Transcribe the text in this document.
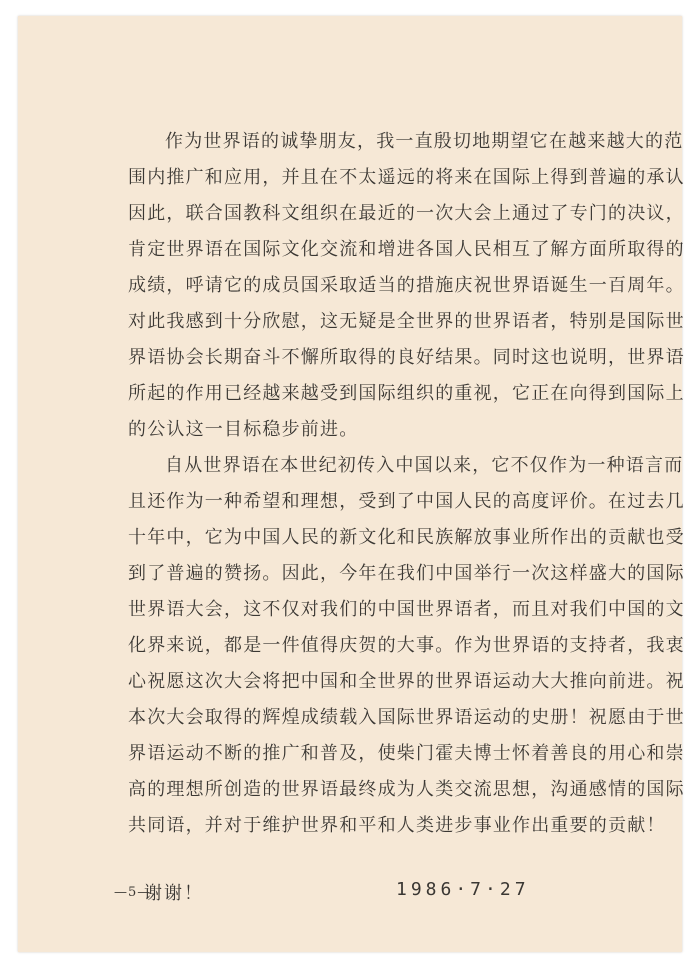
作为世界语的诚挚朋友，我一直殷切地期望它在越来越大的范
围内推广和应用，并且在不太遥远的将来在国际上得到普遍的承认
因此，联合国教科文组织在最近的一次大会上通过了专门的决议，
肯定世界语在国际文化交流和增进各国人民相互了解方面所取得的
成绩，呼请它的成员国采取适当的措施庆祝世界语诞生一百周年。
对此我感到十分欣慰，这无疑是全世界的世界语者，特别是国际世
界语协会长期奋斗不懈所取得的良好结果。同时这也说明，世界语
所起的作用已经越来越受到国际组织的重视，它正在向得到国际上
的公认这一目标稳步前进。
自从世界语在本世纪初传入中国以来，它不仅作为一种语言而
且还作为一种希望和理想，受到了中国人民的高度评价。在过去几
十年中，它为中国人民的新文化和民族解放事业所作出的贡献也受
到了普遍的赞扬。因此，今年在我们中国举行一次这样盛大的国际
世界语大会，这不仅对我们的中国世界语者，而且对我们中国的文
化界来说，都是一件值得庆贺的大事。作为世界语的支持者，我衷
心祝愿这次大会将把中国和全世界的世界语运动大大推向前进。祝
本次大会取得的辉煌成绩载入国际世界语运动的史册！祝愿由于世
界语运动不断的推广和普及，使柴门霍夫博士怀着善良的用心和崇
高的理想所创造的世界语最终成为人类交流思想，沟通感情的国际
共同语，并对于维护世界和平和人类进步事业作出重要的贡献！
—5—
谢谢！	1986·7·27
